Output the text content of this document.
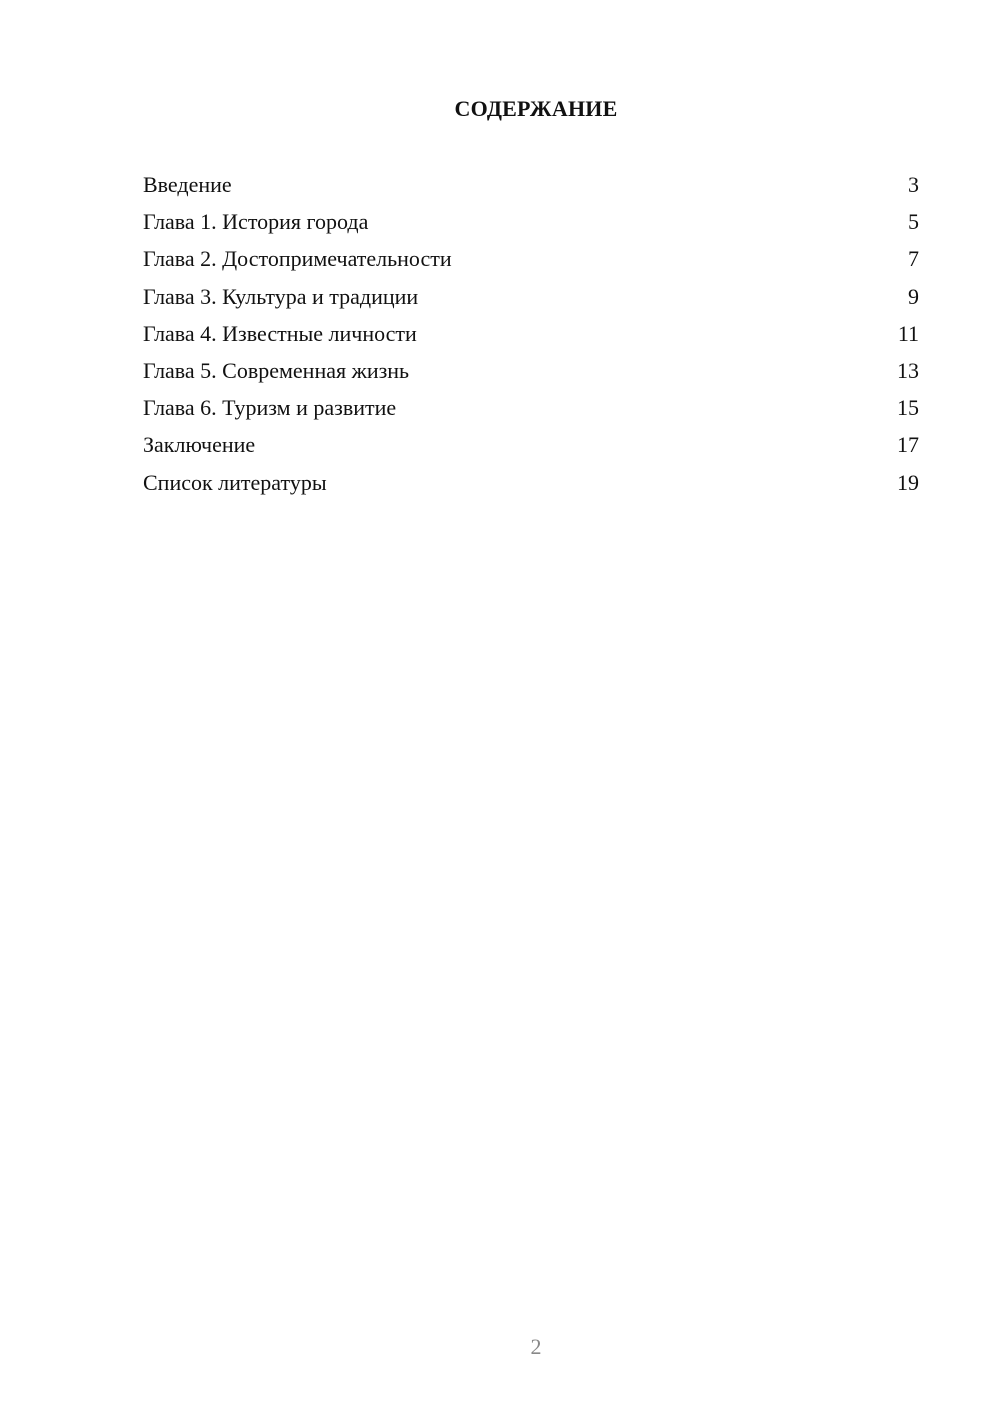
СОДЕРЖАНИЕ
Введение	3
Глава 1. История города	5
Глава 2. Достопримечательности	7
Глава 3. Культура и традиции	9
Глава 4. Известные личности	11
Глава 5. Современная жизнь	13
Глава 6. Туризм и развитие	15
Заключение	17
Список литературы	19
2
